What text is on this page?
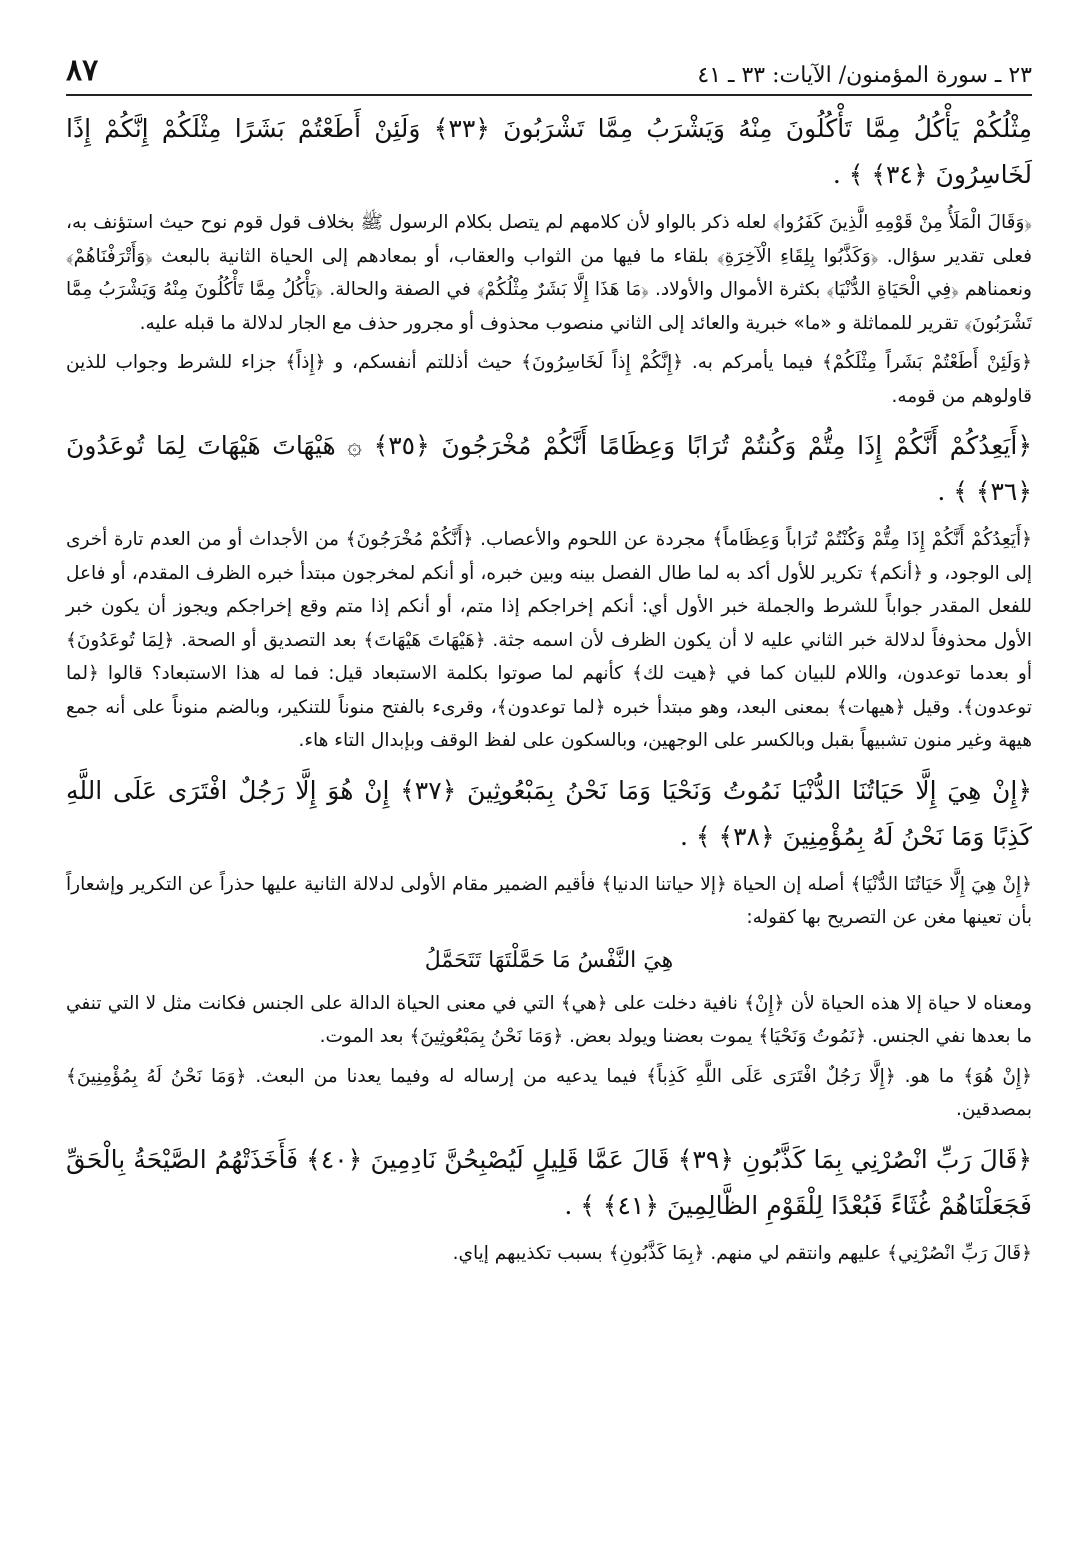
٢٣ ـ سورة المؤمنون/ الآيات: ٣٣ ـ ٤١
٨٧

مِثْلُكُمْ يَأْكُلُ مِمَّا تَأْكُلُونَ مِنْهُ وَيَشْرَبُ مِمَّا تَشْرَبُونَ ﴿٣٣﴾ وَلَئِنْ أَطَعْتُمْ بَشَرًا مِثْلَكُمْ إِنَّكُمْ إِذًا لَخَاسِرُونَ ﴿٣٤﴾ ﴾ .

﴿وَقَالَ الْمَلَأُ مِنْ قَوْمِهِ الَّذِينَ كَفَرُوا﴾ لعله ذكر بالواو لأن كلامهم لم يتصل بكلام الرسول ﷺ بخلاف قول قوم نوح حيث استؤنف به، فعلى تقدير سؤال. ﴿وَكَذَّبُوا بِلِقَاءِ الْآخِرَةِ﴾ بلقاء ما فيها من الثواب والعقاب، أو بمعادهم إلى الحياة الثانية بالبعث ﴿وَأَتْرَفْنَاهُمْ﴾ ونعمناهم ﴿فِي الْحَيَاةِ الدُّنْيَا﴾ بكثرة الأموال والأولاد. ﴿مَا هَذَا إِلَّا بَشَرٌ مِثْلُكُمْ﴾ في الصفة والحالة. ﴿يَأْكُلُ مِمَّا تَأْكُلُونَ مِنْهُ وَيَشْرَبُ مِمَّا تَشْرَبُونَ﴾ تقرير للمماثلة و «ما» خبرية والعائد إلى الثاني منصوب محذوف أو مجرور حذف مع الجار لدلالة ما قبله عليه.

﴿وَلَئِنْ أَطَعْتُمْ بَشَراً مِثْلَكُمْ﴾ فيما يأمركم به. ﴿إِنَّكُمْ إِذاً لَخَاسِرُونَ﴾ حيث أذللتم أنفسكم، و ﴿إِذاً﴾ جزاء للشرط وجواب للذين قاولوهم من قومه.

﴿أَيَعِدُكُمْ أَنَّكُمْ إِذَا مِتُّمْ وَكُنتُمْ تُرَابًا وَعِظَامًا أَنَّكُمْ مُخْرَجُونَ ﴿٣٥﴾ ۞ هَيْهَاتَ هَيْهَاتَ لِمَا تُوعَدُونَ ﴿٣٦﴾ ﴾ .

﴿أَيَعِدُكُمْ أَنَّكُمْ إِذَا مِتُّمْ وَكُنْتُمْ تُرَاباً وَعِظَاماً﴾ مجردة عن اللحوم والأعصاب. ﴿أَنَّكُمْ مُخْرَجُونَ﴾ من الأجداث أو من العدم تارة أخرى إلى الوجود، و ﴿أنكم﴾ تكرير للأول أكد به لما طال الفصل بينه وبين خبره، أو أنكم لمخرجون مبتدأ خبره الظرف المقدم، أو فاعل للفعل المقدر جواباً للشرط والجملة خبر الأول أي: أنكم إخراجكم إذا متم، أو أنكم إذا متم وقع إخراجكم ويجوز أن يكون خبر الأول محذوفاً لدلالة خبر الثاني عليه لا أن يكون الظرف لأن اسمه جثة. ﴿هَيْهَاتَ هَيْهَاتَ﴾ بعد التصديق أو الصحة. ﴿لِمَا تُوعَدُونَ﴾ أو بعدما توعدون، واللام للبيان كما في ﴿هيت لك﴾ كأنهم لما صوتوا بكلمة الاستبعاد قيل: فما له هذا الاستبعاد؟ قالوا ﴿لما توعدون﴾. وقيل ﴿هيهات﴾ بمعنى البعد، وهو مبتدأ خبره ﴿لما توعدون﴾، وقرىء بالفتح منوناً للتنكير، وبالضم منوناً على أنه جمع هيهة وغير منون تشبيهاً بقبل وبالكسر على الوجهين، وبالسكون على لفظ الوقف وبإبدال التاء هاء.

﴿إِنْ هِيَ إِلَّا حَيَاتُنَا الدُّنْيَا نَمُوتُ وَنَحْيَا وَمَا نَحْنُ بِمَبْعُوثِينَ ﴿٣٧﴾ إِنْ هُوَ إِلَّا رَجُلٌ افْتَرَى عَلَى اللَّهِ كَذِبًا وَمَا نَحْنُ لَهُ بِمُؤْمِنِينَ ﴿٣٨﴾ ﴾ .

﴿إِنْ هِيَ إِلَّا حَيَاتُنَا الدُّنْيَا﴾ أصله إن الحياة ﴿إلا حياتنا الدنيا﴾ فأقيم الضمير مقام الأولى لدلالة الثانية عليها حذراً عن التكرير وإشعاراً بأن تعينها مغن عن التصريح بها كقوله:

هِيَ النَّفْسُ مَا حَمَّلْتَهَا تَتَحَمَّلُ

ومعناه لا حياة إلا هذه الحياة لأن ﴿إِنْ﴾ نافية دخلت على ﴿هي﴾ التي في معنى الحياة الدالة على الجنس فكانت مثل لا التي تنفي ما بعدها نفي الجنس. ﴿نَمُوتُ وَنَحْيَا﴾ يموت بعضنا ويولد بعض. ﴿وَمَا نَحْنُ بِمَبْعُوثِينَ﴾ بعد الموت.

﴿إِنْ هُوَ﴾ ما هو. ﴿إِلَّا رَجُلٌ افْتَرَى عَلَى اللَّهِ كَذِباً﴾ فيما يدعيه من إرساله له وفيما يعدنا من البعث. ﴿وَمَا نَحْنُ لَهُ بِمُؤْمِنِينَ﴾ بمصدقين.

﴿قَالَ رَبِّ انْصُرْنِي بِمَا كَذَّبُونِ ﴿٣٩﴾ قَالَ عَمَّا قَلِيلٍ لَيُصْبِحُنَّ نَادِمِينَ ﴿٤٠﴾ فَأَخَذَتْهُمُ الصَّيْحَةُ بِالْحَقِّ فَجَعَلْنَاهُمْ غُثَاءً فَبُعْدًا لِلْقَوْمِ الظَّالِمِينَ ﴿٤١﴾ ﴾ .

﴿قَالَ رَبِّ انْصُرْنِي﴾ عليهم وانتقم لي منهم. ﴿بِمَا كَذَّبُونِ﴾ بسبب تكذيبهم إياي.
